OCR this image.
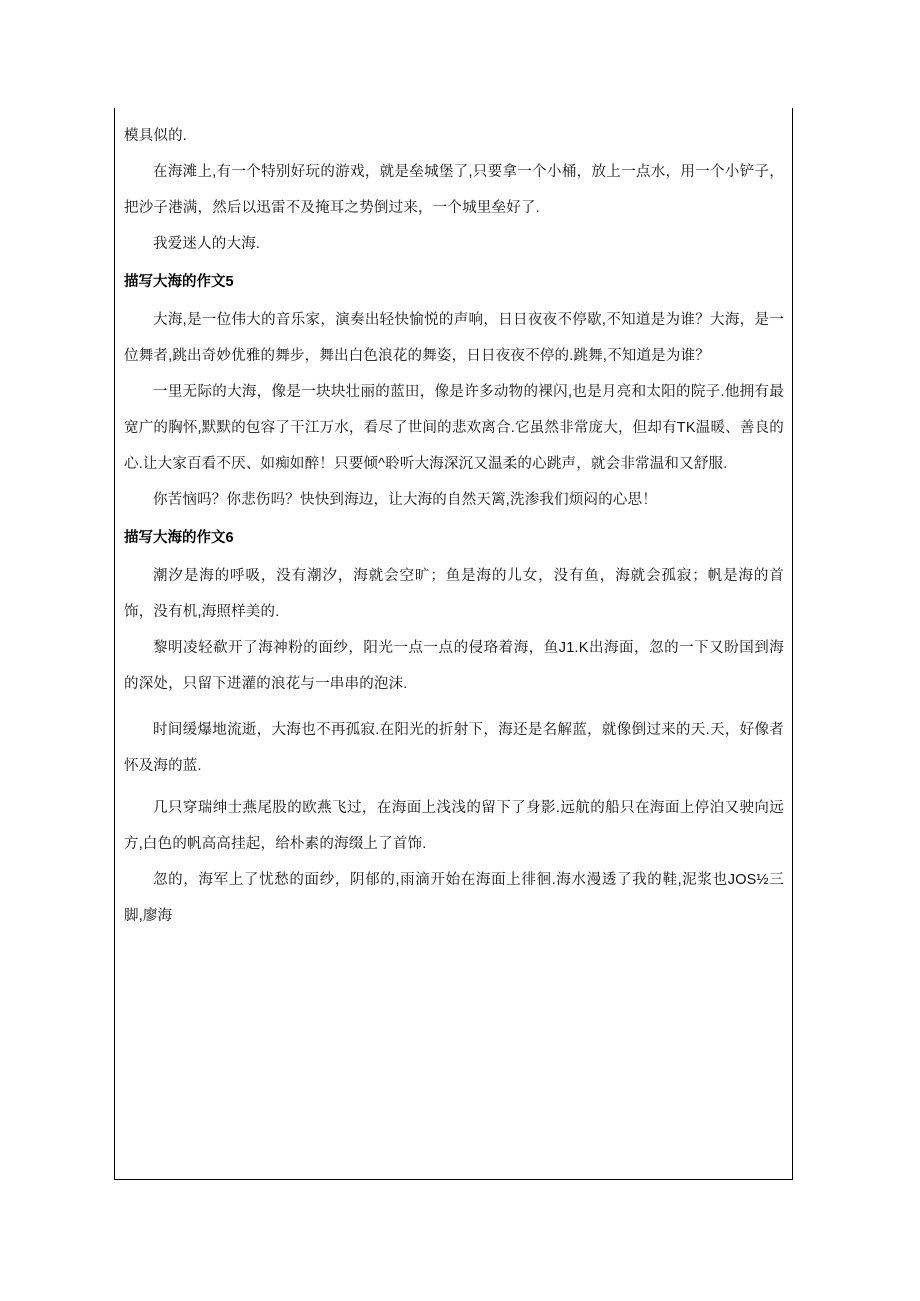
模具似的.

在海滩上,有一个特别好玩的游戏，就是垒城堡了,只要拿一个小桶，放上一点水，用一个小铲子，把沙子港满，然后以迅雷不及掩耳之势倒过来，一个城里垒好了.

我爱迷人的大海.

描写大海的作文5

大海,是一位伟大的音乐家，演奏出轻快愉悦的声响，日日夜夜不停歇,不知道是为谁？大海，是一位舞者,跳出奇妙优雅的舞步，舞出白色浪花的舞姿，日日夜夜不停的.跳舞,不知道是为谁？

一里无际的大海，像是一块块壮丽的蓝田，像是许多动物的裸闪,也是月亮和太阳的院子.他拥有最宽广的胸怀,默默的包容了干江万水，看尽了世间的悲欢离合.它虽然非常庞大，但却有TK温暖、善良的心.让大家百看不厌、如痴如醉！只要倾^聆听大海深沉又温柔的心跳声，就会非常温和又舒服.

你苦恼吗？你悲伤吗？快快到海边，让大海的自然天篱,洗渗我们烦闷的心思！

描写大海的作文6

潮汐是海的呼吸，没有潮汐，海就会空旷；鱼是海的儿女，没有鱼，海就会孤寂；帆是海的首饰，没有机,海照样美的.

黎明凌轻欷开了海神粉的面纱，阳光一点一点的侵珞着海，鱼J1.K出海面，忽的一下又盼国到海的深处，只留下进灌的浪花与一串串的泡沫.

时间缓爆地流逝，大海也不再孤寂.在阳光的折射下，海还是名解蓝，就像倒过来的天.天，好像者怀及海的蓝.

几只穿瑞绅士燕尾股的欧燕飞过，在海面上浅浅的留下了身影.远航的船只在海面上停泊又驶向远方,白色的帆高高挂起，给朴素的海缀上了首饰.

忽的，海军上了忧愁的面纱，阴郁的,雨滴开始在海面上徘徊.海水漫透了我的鞋,泥浆也JOS½三脚,廖海
